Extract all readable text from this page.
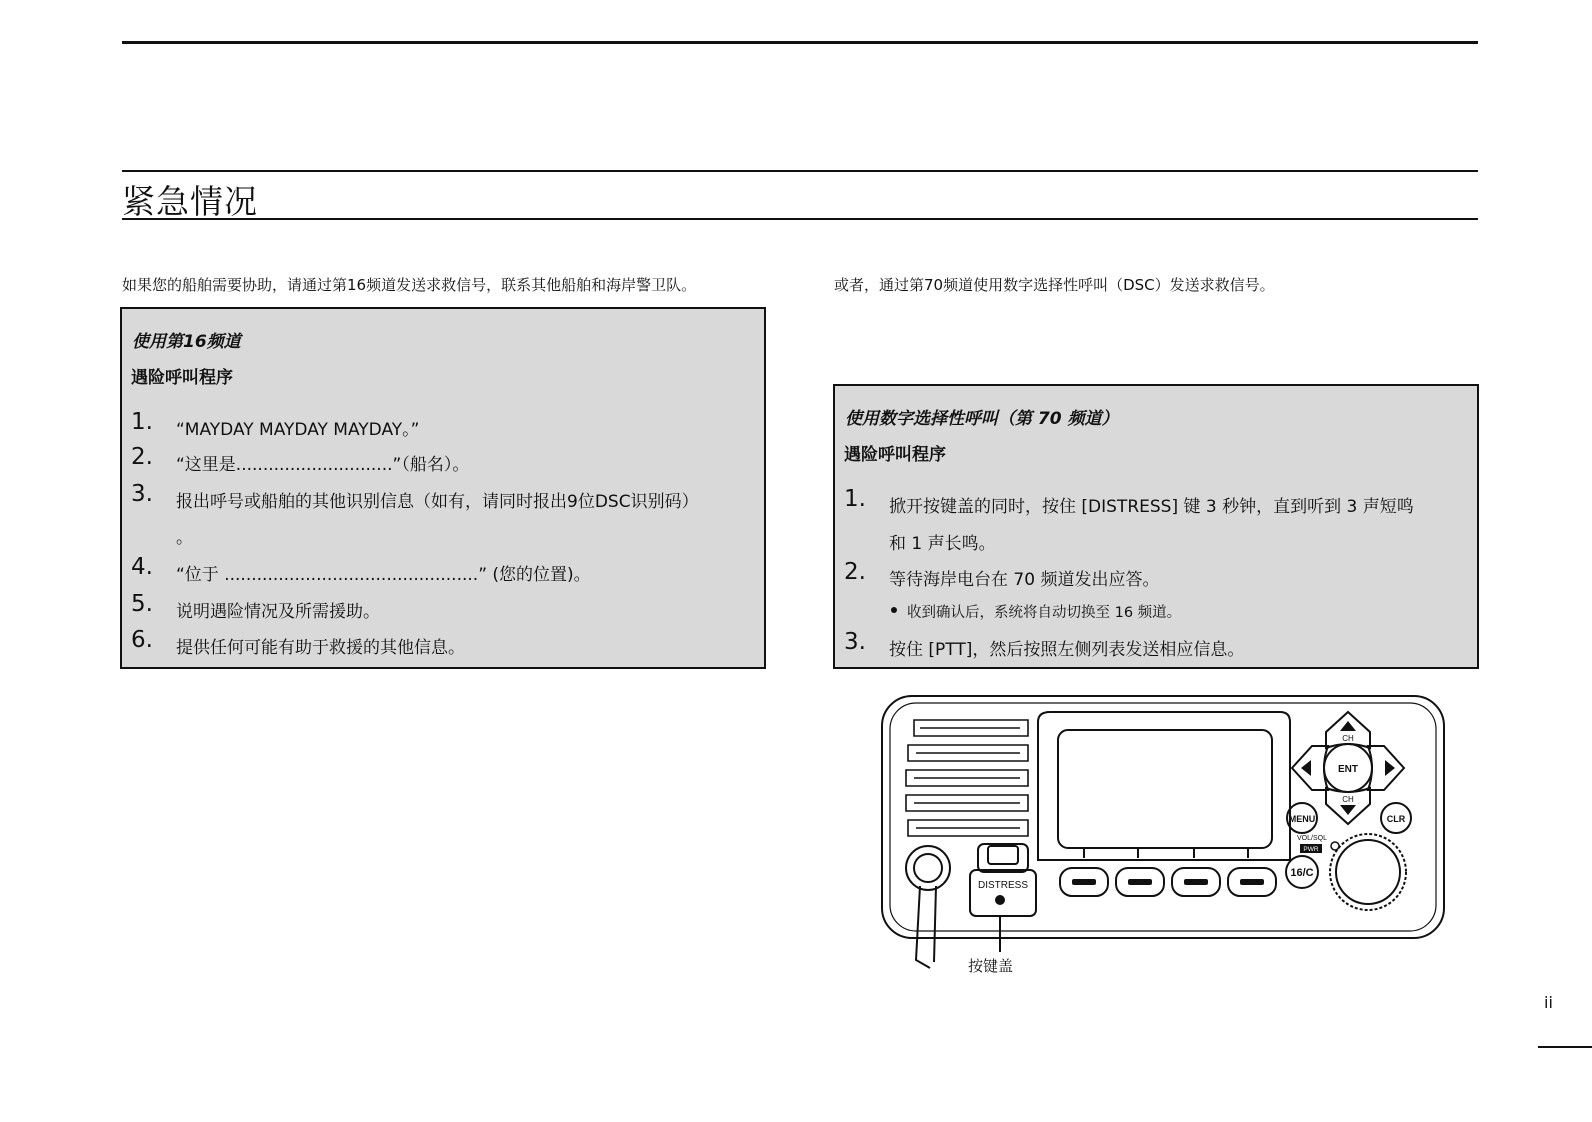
紧急情况
如果您的船舶需要协助，请通过第16频道发送求救信号，联系其他船舶和海岸警卫队。	或者，通过第70频道使用数字选择性呼叫（DSC）发送求救信号。
使用第16频道
遇险呼叫程序
1. “MAYDAY MAYDAY MAYDAY。”
2. “这里是.............................”（船名）。
3. 报出呼号或船舶的其他识别信息（如有，请同时报出9位DSC识别码）
。
4. “位于 ...............................................” (您的位置)。
5. 说明遇险情况及所需援助。
6. 提供任何可能有助于救援的其他信息。
使用数字选择性呼叫（第 70 频道）
遇险呼叫程序
1. 掀开按键盖的同时，按住 [DISTRESS] 键 3 秒钟，直到听到 3 声短鸣
和 1 声长鸣。
2. 等待海岸电台在 70 频道发出应答。
收到确认后，系统将自动切换至 16 频道。
3. 按住 [PTT]，然后按照左侧列表发送相应信息。
DISTRESS
CH
CH
ENT
MENU	CLR
VOL/SQL
PWR
16/C
按键盖
ii
